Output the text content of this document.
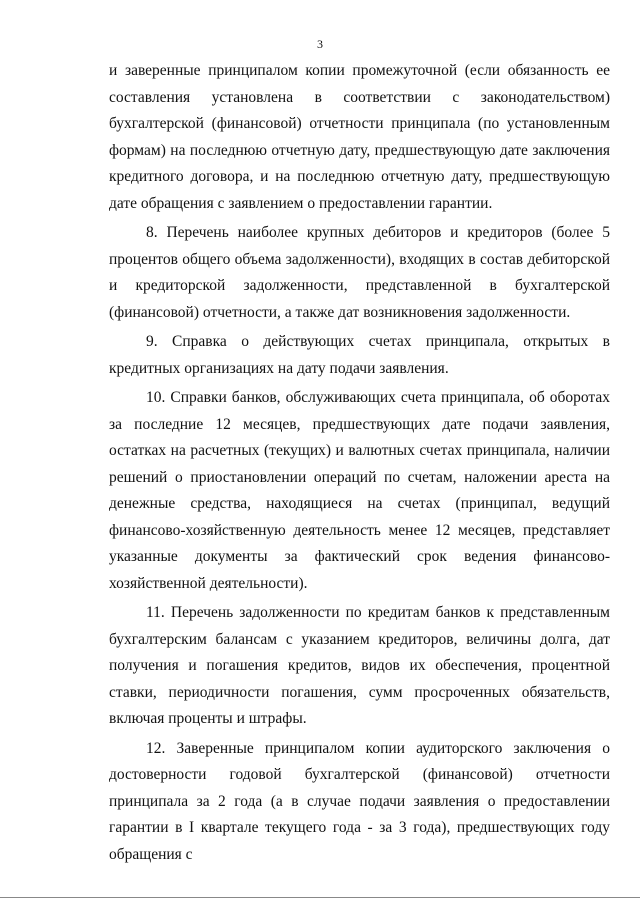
3

и заверенные принципалом копии промежуточной (если обязанность ее составления установлена в соответствии с законодательством) бухгалтерской (финансовой) отчетности принципала (по установленным формам) на последнюю отчетную дату, предшествующую дате заключения кредитного договора, и на последнюю отчетную дату, предшествующую дате обращения с заявлением о предоставлении гарантии.

8. Перечень наиболее крупных дебиторов и кредиторов (более 5 процентов общего объема задолженности), входящих в состав дебиторской и кредиторской задолженности, представленной в бухгалтерской (финансовой) отчетности, а также дат возникновения задолженности.

9. Справка о действующих счетах принципала, открытых в кредитных организациях на дату подачи заявления.

10. Справки банков, обслуживающих счета принципала, об оборотах за последние 12 месяцев, предшествующих дате подачи заявления, остатках на расчетных (текущих) и валютных счетах принципала, наличии решений о приостановлении операций по счетам, наложении ареста на денежные средства, находящиеся на счетах (принципал, ведущий финансово-хозяйственную деятельность менее 12 месяцев, представляет указанные документы за фактический срок ведения финансово-хозяйственной деятельности).

11. Перечень задолженности по кредитам банков к представленным бухгалтерским балансам с указанием кредиторов, величины долга, дат получения и погашения кредитов, видов их обеспечения, процентной ставки, периодичности погашения, сумм просроченных обязательств, включая проценты и штрафы.

12. Заверенные принципалом копии аудиторского заключения о достоверности годовой бухгалтерской (финансовой) отчетности принципала за 2 года (а в случае подачи заявления о предоставлении гарантии в I квартале текущего года - за 3 года), предшествующих году обращения с
